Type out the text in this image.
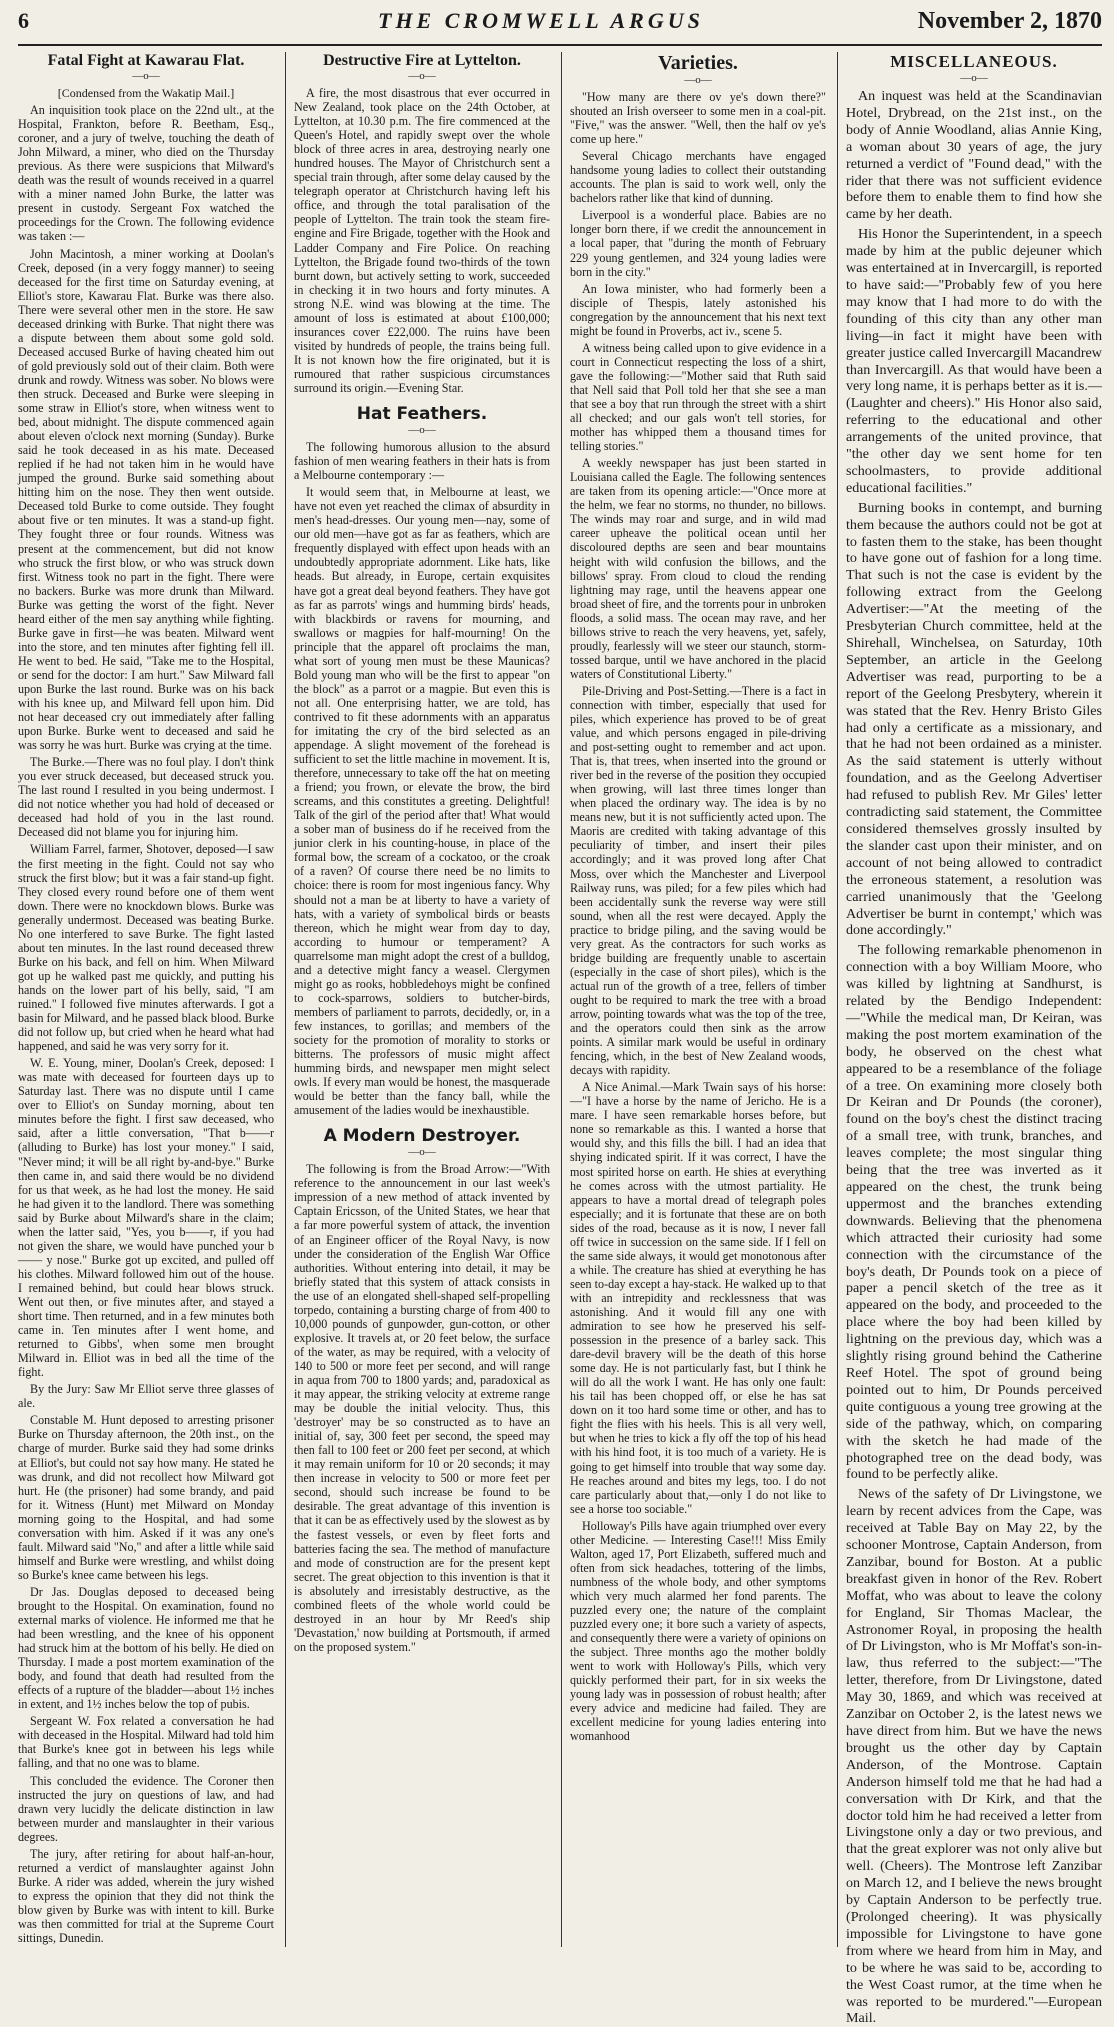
6	THE CROMWELL ARGUS	November 2, 1870
Fatal Fight at Kawarau Flat.
—o—
[Condensed from the Wakatip Mail.]

An inquisition took place on the 22nd ult., at the Hospital, Frankton, before R. Beetham, Esq., coroner, and a jury of twelve, touching the death of John Milward, a miner, who died on the Thursday previous. As there were suspicions that Milward's death was the result of wounds received in a quarrel with a miner named John Burke, the latter was present in custody. Sergeant Fox watched the proceedings for the Crown. The following evidence was taken :—

John Macintosh, a miner working at Doolan's Creek, deposed (in a very foggy manner) to seeing deceased for the first time on Saturday evening, at Elliot's store, Kawarau Flat. Burke was there also. There were several other men in the store. He saw deceased drinking with Burke. That night there was a dispute between them about some gold sold. Deceased accused Burke of having cheated him out of gold previously sold out of their claim. Both were drunk and rowdy. Witness was sober. No blows were then struck. Deceased and Burke were sleeping in some straw in Elliot's store, when witness went to bed, about midnight. The dispute commenced again about eleven o'clock next morning (Sunday). Burke said he took deceased in as his mate. Deceased replied if he had not taken him in he would have jumped the ground. Burke said something about hitting him on the nose. They then went outside. Deceased told Burke to come outside. They fought about five or ten minutes. It was a stand-up fight. They fought three or four rounds. Witness was present at the commencement, but did not know who struck the first blow, or who was struck down first. Witness took no part in the fight. There were no backers. Burke was more drunk than Milward. Burke was getting the worst of the fight. Never heard either of the men say anything while fighting. Burke gave in first—he was beaten. Milward went into the store, and ten minutes after fighting fell ill. He went to bed. He said, "Take me to the Hospital, or send for the doctor: I am hurt." Saw Milward fall upon Burke the last round. Burke was on his back with his knee up, and Milward fell upon him. Did not hear deceased cry out immediately after falling upon Burke. Burke went to deceased and said he was sorry he was hurt. Burke was crying at the time.

The Burke.—There was no foul play. I don't think you ever struck deceased, but deceased struck you. The last round I resulted in you being undermost. I did not notice whether you had hold of deceased or deceased had hold of you in the last round. Deceased did not blame you for injuring him.

William Farrel, farmer, Shotover, deposed—I saw the first meeting in the fight. Could not say who struck the first blow; but it was a fair stand-up fight. They closed every round before one of them went down. There were no knockdown blows. Burke was generally undermost. Deceased was beating Burke. No one interfered to save Burke. The fight lasted about ten minutes. In the last round deceased threw Burke on his back, and fell on him. When Milward got up he walked past me quickly, and putting his hands on the lower part of his belly, said, "I am ruined." I followed five minutes afterwards. I got a basin for Milward, and he passed black blood. Burke did not follow up, but cried when he heard what had happened, and said he was very sorry for it.

W. E. Young, miner, Doolan's Creek, deposed: I was mate with deceased for fourteen days up to Saturday last. There was no dispute until I came over to Elliot's on Sunday morning, about ten minutes before the fight. I first saw deceased, who said, after a little conversation, "That b——r (alluding to Burke) has lost your money." I said, "Never mind; it will be all right by-and-bye." Burke then came in, and said there would be no dividend for us that week, as he had lost the money. He said he had given it to the landlord. There was something said by Burke about Milward's share in the claim; when the latter said, "Yes, you b——r, if you had not given the share, we would have punched your b—— y nose." Burke got up excited, and pulled off his clothes. Milward followed him out of the house. I remained behind, but could hear blows struck. Went out then, or five minutes after, and stayed a short time. Then returned, and in a few minutes both came in. Ten minutes after I went home, and returned to Gibbs', when some men brought Milward in. Elliot was in bed all the time of the fight.

By the Jury: Saw Mr Elliot serve three glasses of ale.

Constable M. Hunt deposed to arresting prisoner Burke on Thursday afternoon, the 20th inst., on the charge of murder. Burke said they had some drinks at Elliot's, but could not say how many. He stated he was drunk, and did not recollect how Milward got hurt. He (the prisoner) had some brandy, and paid for it. Witness (Hunt) met Milward on Monday morning going to the Hospital, and had some conversation with him. Asked if it was any one's fault. Milward said "No," and after a little while said himself and Burke were wrestling, and whilst doing so Burke's knee came between his legs.

Dr Jas. Douglas deposed to deceased being brought to the Hospital. On examination, found no external marks of violence. He informed me that he had been wrestling, and the knee of his opponent had struck him at the bottom of his belly. He died on Thursday. I made a post mortem examination of the body, and found that death had resulted from the effects of a rupture of the bladder—about 1½ inches in extent, and 1½ inches below the top of pubis.

Sergeant W. Fox related a conversation he had with deceased in the Hospital. Milward had told him that Burke's knee got in between his legs while falling, and that no one was to blame.

This concluded the evidence. The Coroner then instructed the jury on questions of law, and had drawn very lucidly the delicate distinction in law between murder and manslaughter in their various degrees.

The jury, after retiring for about half-an-hour, returned a verdict of manslaughter against John Burke. A rider was added, wherein the jury wished to express the opinion that they did not think the blow given by Burke was with intent to kill. Burke was then committed for trial at the Supreme Court sittings, Dunedin.

Destructive Fire at Lyttelton.
—o—

A fire, the most disastrous that ever occurred in New Zealand, took place on the 24th October, at Lyttelton, at 10.30 p.m. The fire commenced at the Queen's Hotel, and rapidly swept over the whole block of three acres in area, destroying nearly one hundred houses. The Mayor of Christchurch sent a special train through, after some delay caused by the telegraph operator at Christchurch having left his office, and through the total paralisation of the people of Lyttelton. The train took the steam fire-engine and Fire Brigade, together with the Hook and Ladder Company and Fire Police. On reaching Lyttelton, the Brigade found two-thirds of the town burnt down, but actively setting to work, succeeded in checking it in two hours and forty minutes. A strong N.E. wind was blowing at the time. The amount of loss is estimated at about £100,000; insurances cover £22,000. The ruins have been visited by hundreds of people, the trains being full. It is not known how the fire originated, but it is rumoured that rather suspicious circumstances surround its origin.—Evening Star.

Hat Feathers.
—o—

The following humorous allusion to the absurd fashion of men wearing feathers in their hats is from a Melbourne contemporary :—

It would seem that, in Melbourne at least, we have not even yet reached the climax of absurdity in men's head-dresses. Our young men—nay, some of our old men—have got as far as feathers, which are frequently displayed with effect upon heads with an undoubtedly appropriate adornment. Like hats, like heads. But already, in Europe, certain exquisites have got a great deal beyond feathers. They have got as far as parrots' wings and humming birds' heads, with blackbirds or ravens for mourning, and swallows or magpies for half-mourning! On the principle that the apparel oft proclaims the man, what sort of young men must be these Maunicas? Bold young man who will be the first to appear "on the block" as a parrot or a magpie. But even this is not all. One enterprising hatter, we are told, has contrived to fit these adornments with an apparatus for imitating the cry of the bird selected as an appendage. A slight movement of the forehead is sufficient to set the little machine in movement. It is, therefore, unnecessary to take off the hat on meeting a friend; you frown, or elevate the brow, the bird screams, and this constitutes a greeting. Delightful! Talk of the girl of the period after that! What would a sober man of business do if he received from the junior clerk in his counting-house, in place of the formal bow, the scream of a cockatoo, or the croak of a raven? Of course there need be no limits to choice: there is room for most ingenious fancy. Why should not a man be at liberty to have a variety of hats, with a variety of symbolical birds or beasts thereon, which he might wear from day to day, according to humour or temperament? A quarrelsome man might adopt the crest of a bulldog, and a detective might fancy a weasel. Clergymen might go as rooks, hobbledehoys might be confined to cock-sparrows, soldiers to butcher-birds, members of parliament to parrots, decidedly, or, in a few instances, to gorillas; and members of the society for the promotion of morality to storks or bitterns. The professors of music might affect humming birds, and newspaper men might select owls. If every man would be honest, the masquerade would be better than the fancy ball, while the amusement of the ladies would be inexhaustible.

A Modern Destroyer.
—o—

The following is from the Broad Arrow:—"With reference to the announcement in our last week's impression of a new method of attack invented by Captain Ericsson, of the United States, we hear that a far more powerful system of attack, the invention of an Engineer officer of the Royal Navy, is now under the consideration of the English War Office authorities. Without entering into detail, it may be briefly stated that this system of attack consists in the use of an elongated shell-shaped self-propelling torpedo, containing a bursting charge of from 400 to 10,000 pounds of gunpowder, gun-cotton, or other explosive. It travels at, or 20 feet below, the surface of the water, as may be required, with a velocity of 140 to 500 or more feet per second, and will range in aqua from 700 to 1800 yards; and, paradoxical as it may appear, the striking velocity at extreme range may be double the initial velocity. Thus, this 'destroyer' may be so constructed as to have an initial of, say, 300 feet per second, the speed may then fall to 100 feet or 200 feet per second, at which it may remain uniform for 10 or 20 seconds; it may then increase in velocity to 500 or more feet per second, should such increase be found to be desirable. The great advantage of this invention is that it can be as effectively used by the slowest as by the fastest vessels, or even by fleet forts and batteries facing the sea. The method of manufacture and mode of construction are for the present kept secret. The great objection to this invention is that it is absolutely and irresistably destructive, as the combined fleets of the whole world could be destroyed in an hour by Mr Reed's ship 'Devastation,' now building at Portsmouth, if armed on the proposed system."

Varieties.
—o—

"How many are there ov ye's down there?" shouted an Irish overseer to some men in a coal-pit. "Five," was the answer. "Well, then the half ov ye's come up here."

Several Chicago merchants have engaged handsome young ladies to collect their outstanding accounts. The plan is said to work well, only the bachelors rather like that kind of dunning.

Liverpool is a wonderful place. Babies are no longer born there, if we credit the announcement in a local paper, that "during the month of February 229 young gentlemen, and 324 young ladies were born in the city."

An Iowa minister, who had formerly been a disciple of Thespis, lately astonished his congregation by the announcement that his next text might be found in Proverbs, act iv., scene 5.

A witness being called upon to give evidence in a court in Connecticut respecting the loss of a shirt, gave the following:—"Mother said that Ruth said that Nell said that Poll told her that she see a man that see a boy that run through the street with a shirt all checked; and our gals won't tell stories, for mother has whipped them a thousand times for telling stories."

A weekly newspaper has just been started in Louisiana called the Eagle. The following sentences are taken from its opening article:—"Once more at the helm, we fear no storms, no thunder, no billows. The winds may roar and surge, and in wild mad career upheave the political ocean until her discoloured depths are seen and bear mountains height with wild confusion the billows, and the billows' spray. From cloud to cloud the rending lightning may rage, until the heavens appear one broad sheet of fire, and the torrents pour in unbroken floods, a solid mass. The ocean may rave, and her billows strive to reach the very heavens, yet, safely, proudly, fearlessly will we steer our staunch, storm-tossed barque, until we have anchored in the placid waters of Constitutional Liberty."

Pile-Driving and Post-Setting.—There is a fact in connection with timber, especially that used for piles, which experience has proved to be of great value, and which persons engaged in pile-driving and post-setting ought to remember and act upon. That is, that trees, when inserted into the ground or river bed in the reverse of the position they occupied when growing, will last three times longer than when placed the ordinary way. The idea is by no means new, but it is not sufficiently acted upon. The Maoris are credited with taking advantage of this peculiarity of timber, and insert their piles accordingly; and it was proved long after Chat Moss, over which the Manchester and Liverpool Railway runs, was piled; for a few piles which had been accidentally sunk the reverse way were still sound, when all the rest were decayed. Apply the practice to bridge piling, and the saving would be very great. As the contractors for such works as bridge building are frequently unable to ascertain (especially in the case of short piles), which is the actual run of the growth of a tree, fellers of timber ought to be required to mark the tree with a broad arrow, pointing towards what was the top of the tree, and the operators could then sink as the arrow points. A similar mark would be useful in ordinary fencing, which, in the best of New Zealand woods, decays with rapidity.

A Nice Animal.—Mark Twain says of his horse:—"I have a horse by the name of Jericho. He is a mare. I have seen remarkable horses before, but none so remarkable as this. I wanted a horse that would shy, and this fills the bill. I had an idea that shying indicated spirit. If it was correct, I have the most spirited horse on earth. He shies at everything he comes across with the utmost partiality. He appears to have a mortal dread of telegraph poles especially; and it is fortunate that these are on both sides of the road, because as it is now, I never fall off twice in succession on the same side. If I fell on the same side always, it would get monotonous after a while. The creature has shied at everything he has seen to-day except a hay-stack. He walked up to that with an intrepidity and recklessness that was astonishing. And it would fill any one with admiration to see how he preserved his self-possession in the presence of a barley sack. This dare-devil bravery will be the death of this horse some day. He is not particularly fast, but I think he will do all the work I want. He has only one fault: his tail has been chopped off, or else he has sat down on it too hard some time or other, and has to fight the flies with his heels. This is all very well, but when he tries to kick a fly off the top of his head with his hind foot, it is too much of a variety. He is going to get himself into trouble that way some day. He reaches around and bites my legs, too. I do not care particularly about that,—only I do not like to see a horse too sociable."

Holloway's Pills have again triumphed over every other Medicine. — Interesting Case!!! Miss Emily Walton, aged 17, Port Elizabeth, suffered much and often from sick headaches, tottering of the limbs, numbness of the whole body, and other symptoms which very much alarmed her fond parents. The puzzled every one; the nature of the complaint puzzled every one; it bore such a variety of aspects, and consequently there were a variety of opinions on the subject. Three months ago the mother boldly went to work with Holloway's Pills, which very quickly performed their part, for in six weeks the young lady was in possession of robust health; after every advice and medicine had failed. They are excellent medicine for young ladies entering into womanhood

MISCELLANEOUS.
—o—

An inquest was held at the Scandinavian Hotel, Drybread, on the 21st inst., on the body of Annie Woodland, alias Annie King, a woman about 30 years of age, the jury returned a verdict of "Found dead," with the rider that there was not sufficient evidence before them to enable them to find how she came by her death.

His Honor the Superintendent, in a speech made by him at the public dejeuner which was entertained at in Invercargill, is reported to have said:—"Probably few of you here may know that I had more to do with the founding of this city than any other man living—in fact it might have been with greater justice called Invercargill Macandrew than Invercargill. As that would have been a very long name, it is perhaps better as it is.—(Laughter and cheers)." His Honor also said, referring to the educational and other arrangements of the united province, that "the other day we sent home for ten schoolmasters, to provide additional educational facilities."

Burning books in contempt, and burning them because the authors could not be got at to fasten them to the stake, has been thought to have gone out of fashion for a long time. That such is not the case is evident by the following extract from the Geelong Advertiser:—"At the meeting of the Presbyterian Church committee, held at the Shirehall, Winchelsea, on Saturday, 10th September, an article in the Geelong Advertiser was read, purporting to be a report of the Geelong Presbytery, wherein it was stated that the Rev. Henry Bristo Giles had only a certificate as a missionary, and that he had not been ordained as a minister. As the said statement is utterly without foundation, and as the Geelong Advertiser had refused to publish Rev. Mr Giles' letter contradicting said statement, the Committee considered themselves grossly insulted by the slander cast upon their minister, and on account of not being allowed to contradict the erroneous statement, a resolution was carried unanimously that the 'Geelong Advertiser be burnt in contempt,' which was done accordingly."

The following remarkable phenomenon in connection with a boy William Moore, who was killed by lightning at Sandhurst, is related by the Bendigo Independent:—"While the medical man, Dr Keiran, was making the post mortem examination of the body, he observed on the chest what appeared to be a resemblance of the foliage of a tree. On examining more closely both Dr Keiran and Dr Pounds (the coroner), found on the boy's chest the distinct tracing of a small tree, with trunk, branches, and leaves complete; the most singular thing being that the tree was inverted as it appeared on the chest, the trunk being uppermost and the branches extending downwards. Believing that the phenomena which attracted their curiosity had some connection with the circumstance of the boy's death, Dr Pounds took on a piece of paper a pencil sketch of the tree as it appeared on the body, and proceeded to the place where the boy had been killed by lightning on the previous day, which was a slightly rising ground behind the Catherine Reef Hotel. The spot of ground being pointed out to him, Dr Pounds perceived quite contiguous a young tree growing at the side of the pathway, which, on comparing with the sketch he had made of the photographed tree on the dead body, was found to be perfectly alike.

News of the safety of Dr Livingstone, we learn by recent advices from the Cape, was received at Table Bay on May 22, by the schooner Montrose, Captain Anderson, from Zanzibar, bound for Boston. At a public breakfast given in honor of the Rev. Robert Moffat, who was about to leave the colony for England, Sir Thomas Maclear, the Astronomer Royal, in proposing the health of Dr Livingston, who is Mr Moffat's son-in-law, thus referred to the subject:—"The letter, therefore, from Dr Livingstone, dated May 30, 1869, and which was received at Zanzibar on October 2, is the latest news we have direct from him. But we have the news brought us the other day by Captain Anderson, of the Montrose. Captain Anderson himself told me that he had had a conversation with Dr Kirk, and that the doctor told him he had received a letter from Livingstone only a day or two previous, and that the great explorer was not only alive but well. (Cheers). The Montrose left Zanzibar on March 12, and I believe the news brought by Captain Anderson to be perfectly true. (Prolonged cheering). It was physically impossible for Livingstone to have gone from where we heard from him in May, and to be where he was said to be, according to the West Coast rumor, at the time when he was reported to be murdered."—European Mail.
